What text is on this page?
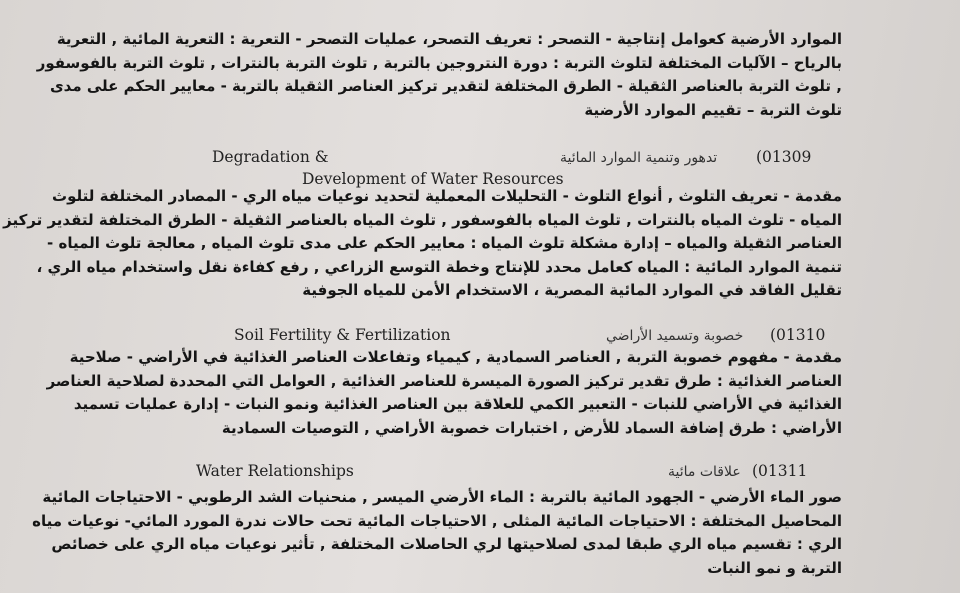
الموارد الأرضية كعوامل إنتاجية - التصحر : تعريف التصحر، عمليات التصحر - التعرية : التعرية المائية , التعرية
بالرياح – الآليات المختلفة لتلوث التربة : دورة النتروجين بالتربة , تلوث التربة بالنترات , تلوث التربة بالفوسفور
, تلوث التربة بالعناصر الثقيلة - الطرق المختلفة لتقدير تركيز العناصر الثقيلة بالتربة - معايير الحكم على مدى
تلوث التربة – تقييم الموارد الأرضية
Degradation &	تدهور وتنمية الموارد المائية	(01309
Development of Water Resources
مقدمة - تعريف التلوث , أنواع التلوث - التحليلات المعملية لتحديد نوعيات مياه الري - المصادر المختلفة لتلوث
المياه - تلوث المياه بالنترات , تلوث المياه بالفوسفور , تلوث المياه بالعناصر الثقيلة - الطرق المختلفة لتقدير تركيز
العناصر الثقيلة والمياه – إدارة مشكلة تلوث المياه : معايير الحكم على مدى تلوث المياه , معالجة تلوث المياه -
تنمية الموارد المائية : المياه كعامل محدد للإنتاج وخطة التوسع الزراعي , رفع كفاءة نقل واستخدام مياه الري ،
تقليل الفاقد في الموارد المائية المصرية ، الاستخدام الأمن للمياه الجوفية
Soil Fertility & Fertilization	خصوبة وتسميد الأراضي (01310
مقدمة - مفهوم خصوبة التربة , العناصر السمادية , كيمياء وتفاعلات العناصر الغذائية في الأراضي - صلاحية
العناصر الغذائية : طرق تقدير تركيز الصورة الميسرة للعناصر الغذائية , العوامل التي المحددة لصلاحية العناصر
الغذائية في الأراضي للنبات - التعبير الكمي للعلاقة بين العناصر الغذائية ونمو النبات - إدارة عمليات تسميد
الأراضي : طرق إضافة السماد للأرض , اختبارات خصوبة الأراضي , التوصيات السمادية
Water Relationships	علاقات مائية (01311
صور الماء الأرضي - الجهود المائية بالتربة : الماء الأرضي الميسر , منحنيات الشد الرطوبي - الاحتياجات المائية
المحاصيل المختلفة : الاحتياجات المائية المثلى , الاحتياجات المائية تحت حالات ندرة المورد المائي- نوعيات مياه
الري : تقسيم مياه الري طبقا لمدى لصلاحيتها لري الحاصلات المختلفة , تأثير نوعيات مياه الري على خصائص
التربة و نمو النبات
